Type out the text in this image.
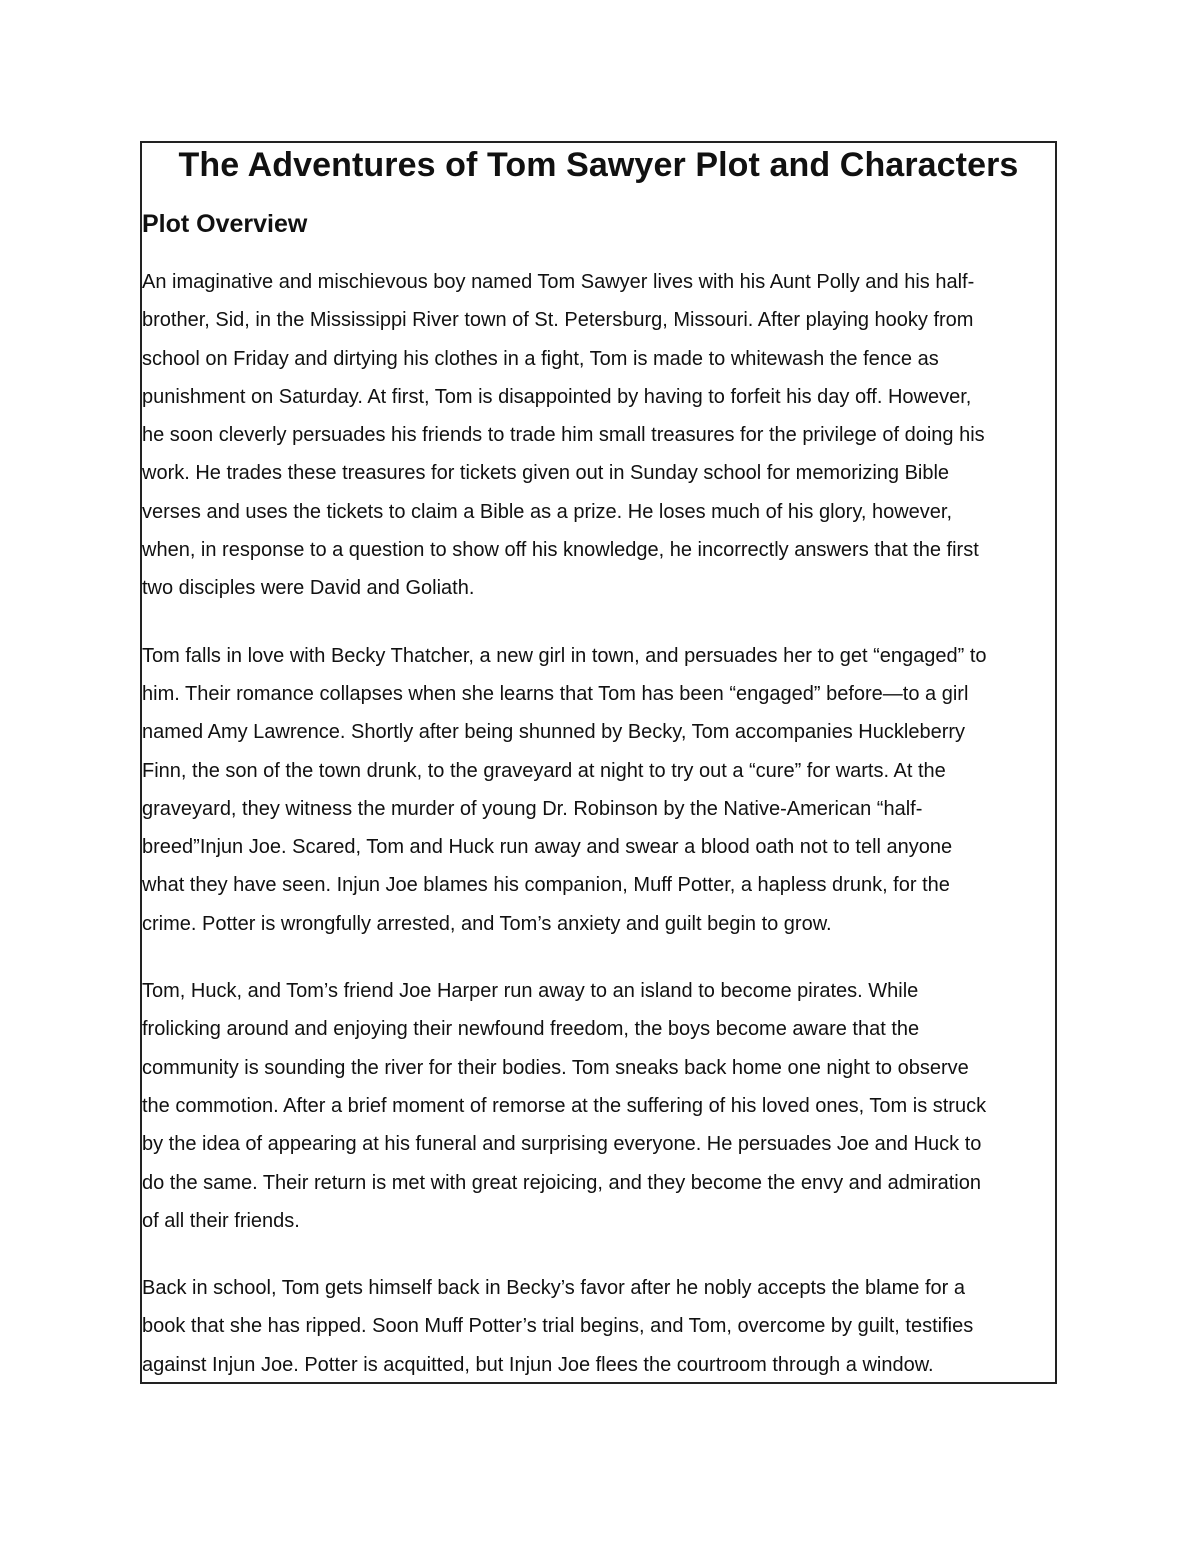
The Adventures of Tom Sawyer Plot and Characters
Plot Overview

An imaginative and mischievous boy named Tom Sawyer lives with his Aunt Polly and his half-
brother, Sid, in the Mississippi River town of St. Petersburg, Missouri. After playing hooky from
school on Friday and dirtying his clothes in a fight, Tom is made to whitewash the fence as
punishment on Saturday. At first, Tom is disappointed by having to forfeit his day off. However,
he soon cleverly persuades his friends to trade him small treasures for the privilege of doing his
work. He trades these treasures for tickets given out in Sunday school for memorizing Bible
verses and uses the tickets to claim a Bible as a prize. He loses much of his glory, however,
when, in response to a question to show off his knowledge, he incorrectly answers that the first
two disciples were David and Goliath.

Tom falls in love with Becky Thatcher, a new girl in town, and persuades her to get “engaged” to
him. Their romance collapses when she learns that Tom has been “engaged” before—to a girl
named Amy Lawrence. Shortly after being shunned by Becky, Tom accompanies Huckleberry
Finn, the son of the town drunk, to the graveyard at night to try out a “cure” for warts. At the
graveyard, they witness the murder of young Dr. Robinson by the Native-American “half-
breed”Injun Joe. Scared, Tom and Huck run away and swear a blood oath not to tell anyone
what they have seen. Injun Joe blames his companion, Muff Potter, a hapless drunk, for the
crime. Potter is wrongfully arrested, and Tom’s anxiety and guilt begin to grow.

Tom, Huck, and Tom’s friend Joe Harper run away to an island to become pirates. While
frolicking around and enjoying their newfound freedom, the boys become aware that the
community is sounding the river for their bodies. Tom sneaks back home one night to observe
the commotion. After a brief moment of remorse at the suffering of his loved ones, Tom is struck
by the idea of appearing at his funeral and surprising everyone. He persuades Joe and Huck to
do the same. Their return is met with great rejoicing, and they become the envy and admiration
of all their friends.

Back in school, Tom gets himself back in Becky’s favor after he nobly accepts the blame for a
book that she has ripped. Soon Muff Potter’s trial begins, and Tom, overcome by guilt, testifies
against Injun Joe. Potter is acquitted, but Injun Joe flees the courtroom through a window.
